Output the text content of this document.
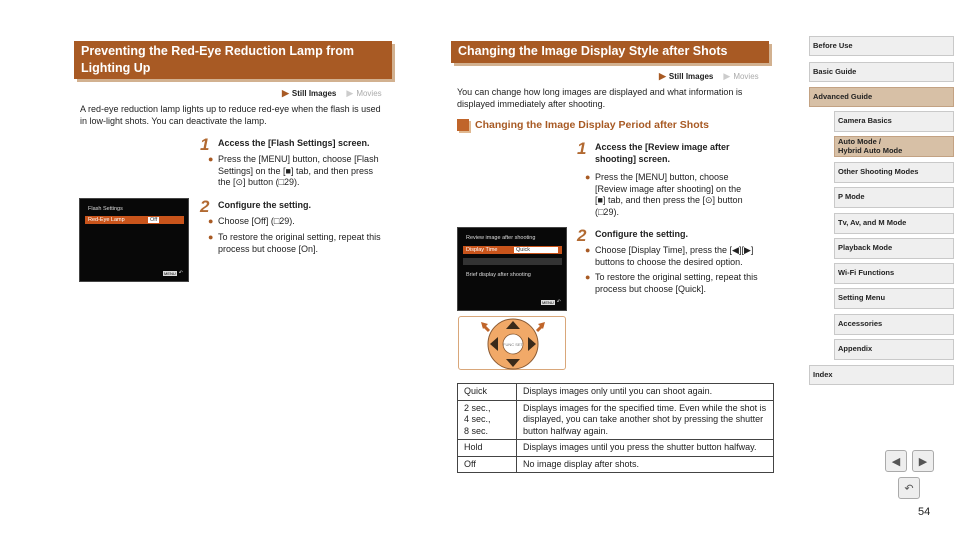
Preventing the Red-Eye Reduction Lamp from Lighting Up
▶ Still Images ▶ Movies
A red-eye reduction lamp lights up to reduce red-eye when the flash is used in low-light shots. You can deactivate the lamp.
1 Access the [Flash Settings] screen.
● Press the [MENU] button, choose [Flash
Settings] on the [■] tab, and then press
the [⊙] button (□29).
Flash Settings
Red-Eye Lamp	Off
MENU ↶
2 Configure the setting.
● Choose [Off] (□29).
● To restore the original setting, repeat this
process but choose [On].
Changing the Image Display Style after Shots
▶ Still Images ▶ Movies
You can change how long images are displayed and what information is displayed immediately after shooting.
Changing the Image Display Period after Shots
1 Access the [Review image after
shooting] screen.
● Press the [MENU] button, choose
[Review image after shooting] on the
[■] tab, and then press the [⊙] button
(□29).
Review image after shooting
Display Time	Quick
Brief display after shooting
MENU ↶
2 Configure the setting.
● Choose [Display Time], press the [◀][▶]
buttons to choose the desired option.
● To restore the original setting, repeat this
process but choose [Quick].
FUNC SET
Quick	Displays images only until you can shoot again.
2 sec.,
4 sec.,
8 sec.	Displays images for the specified time. Even while the shot is displayed, you can take another shot by pressing the shutter button halfway again.
Hold	Displays images until you press the shutter button halfway.
Off	No image display after shots.
Before Use
Basic Guide
Advanced Guide
Camera Basics
Auto Mode /
Hybrid Auto Mode
Other Shooting Modes
P Mode
Tv, Av, and M Mode
Playback Mode
Wi-Fi Functions
Setting Menu
Accessories
Appendix
Index
◀ ▶
↶
54
